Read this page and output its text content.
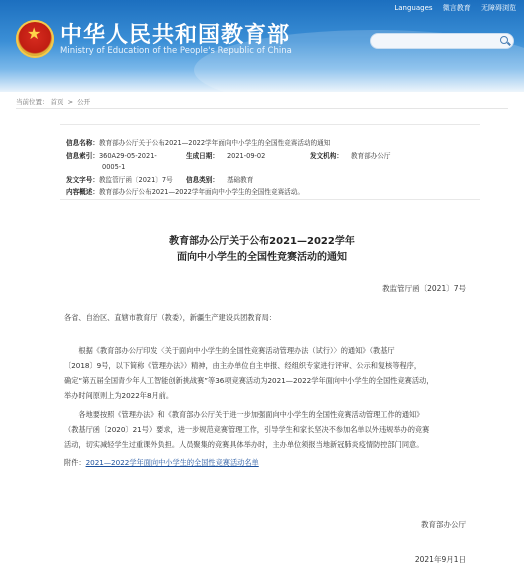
★ 中华人民共和国教育部
Ministry of Education of the People's Republic of China
Languages 微言教育 无障碍浏览
当前位置： 首页 > 公开
信息名称：教育部办公厅关于公布2021—2022学年面向中小学生的全国性竞赛活动的通知
信息索引：360A29-05-2021-	生成日期： 2021-09-02	发文机构： 教育部办公厅
0005-1
发文字号：教监管厅函〔2021〕7号 信息类别： 基础教育
内容概述：教育部办公厅公布2021—2022学年面向中小学生的全国性竞赛活动。
教育部办公厅关于公布2021—2022学年
面向中小学生的全国性竞赛活动的通知
教监管厅函〔2021〕7号
各省、自治区、直辖市教育厅（教委），新疆生产建设兵团教育局：
　　根据《教育部办公厅印发〈关于面向中小学生的全国性竞赛活动管理办法（试行）〉的通知》（教基厅
〔2018〕9号，以下简称《管理办法》）精神，由主办单位自主申报、经组织专家进行评审、公示和复核等程序，
确定“第五届全国青少年人工智能创新挑战赛”等36项竞赛活动为2021—2022学年面向中小学生的全国性竞赛活动，
举办时间原则上为2022年8月前。
　　各地要按照《管理办法》和《教育部办公厅关于进一步加强面向中小学生的全国性竞赛活动管理工作的通知》
（教基厅函〔2020〕21号）要求，进一步规范竞赛管理工作，引导学生和家长坚决不参加名单以外违规举办的竞赛
活动，切实减轻学生过重课外负担。人员聚集的竞赛具体举办时，主办单位须报当地新冠肺炎疫情防控部门同意。
附件：2021—2022学年面向中小学生的全国性竞赛活动名单
教育部办公厅
2021年9月1日
